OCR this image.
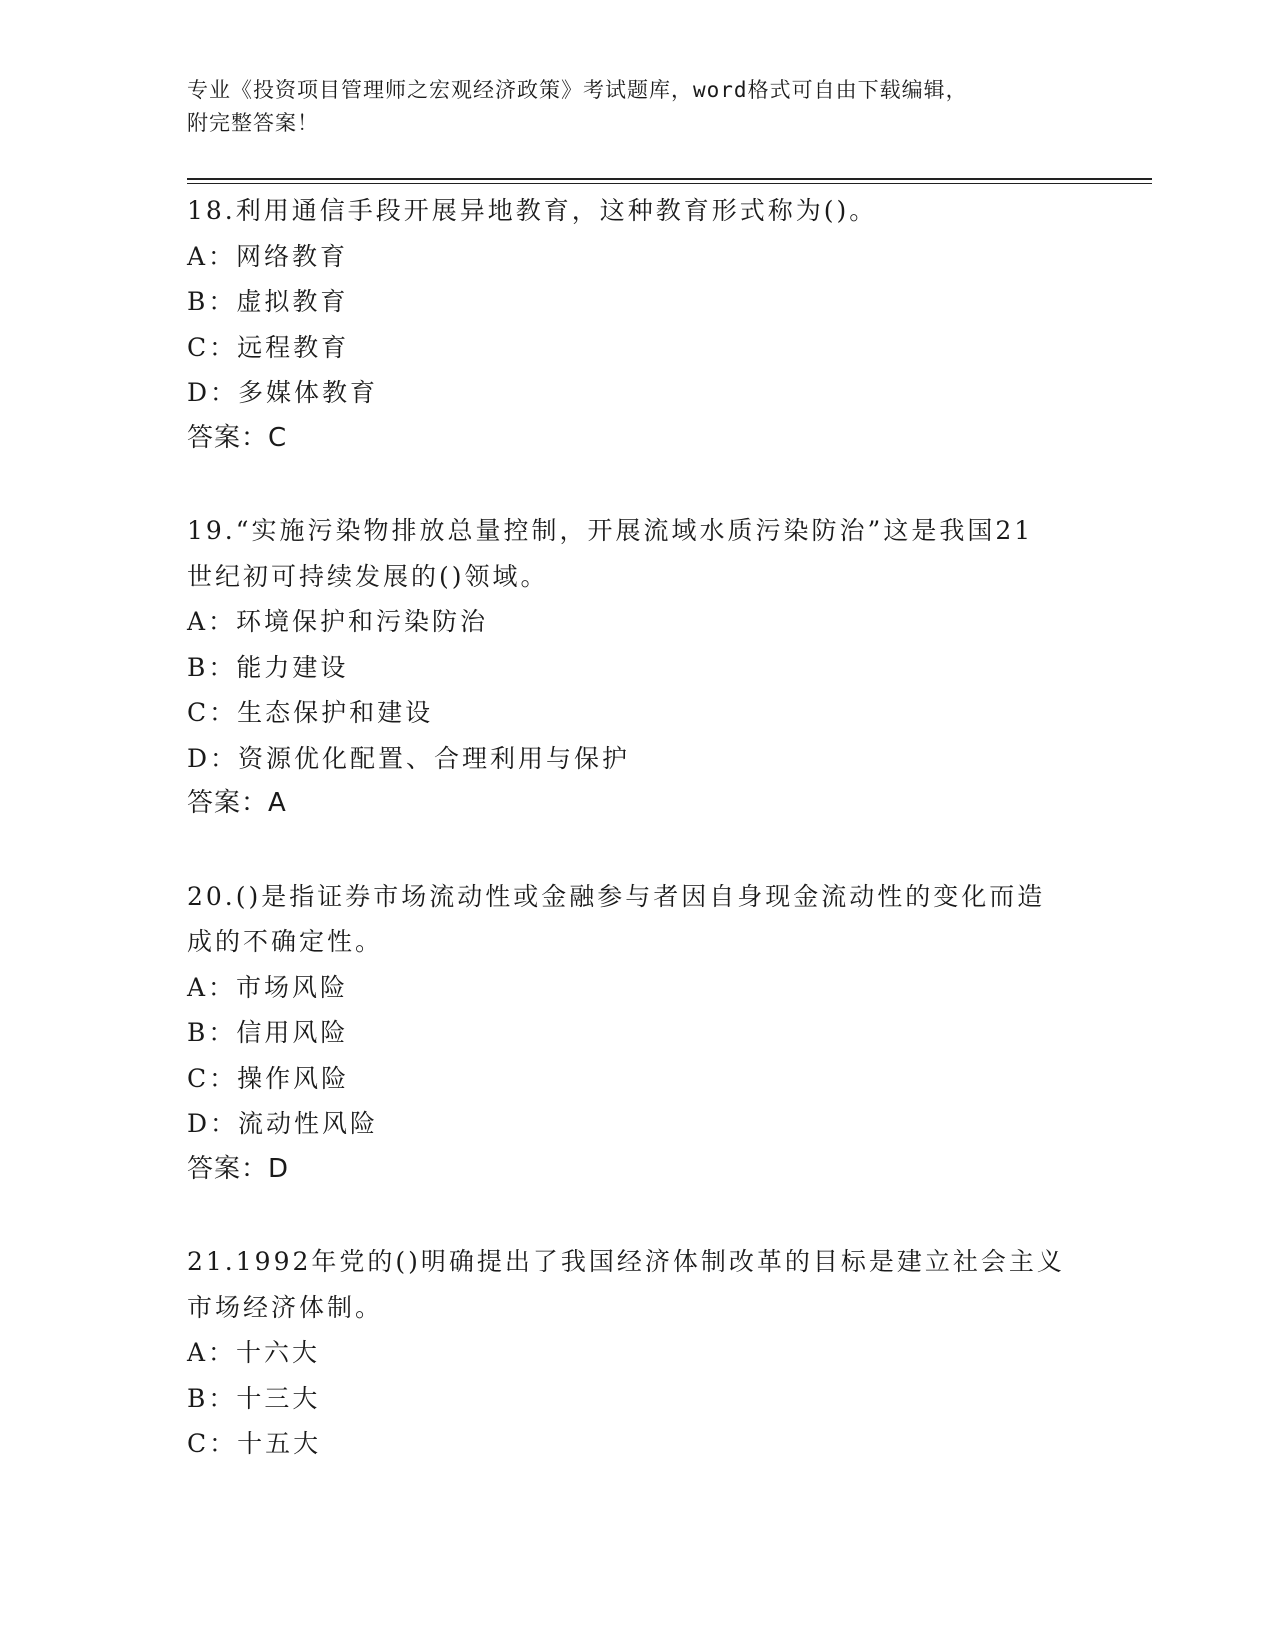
专业《投资项目管理师之宏观经济政策》考试题库，word格式可自由下载编辑，
附完整答案！
18.利用通信手段开展异地教育，这种教育形式称为()。
A：网络教育
B：虚拟教育
C：远程教育
D：多媒体教育
答案：C
19.“实施污染物排放总量控制，开展流域水质污染防治”这是我国21
世纪初可持续发展的()领域。
A：环境保护和污染防治
B：能力建设
C：生态保护和建设
D：资源优化配置、合理利用与保护
答案：A
20.()是指证券市场流动性或金融参与者因自身现金流动性的变化而造
成的不确定性。
A：市场风险
B：信用风险
C：操作风险
D：流动性风险
答案：D
21.1992年党的()明确提出了我国经济体制改革的目标是建立社会主义
市场经济体制。
A：十六大
B：十三大
C：十五大
